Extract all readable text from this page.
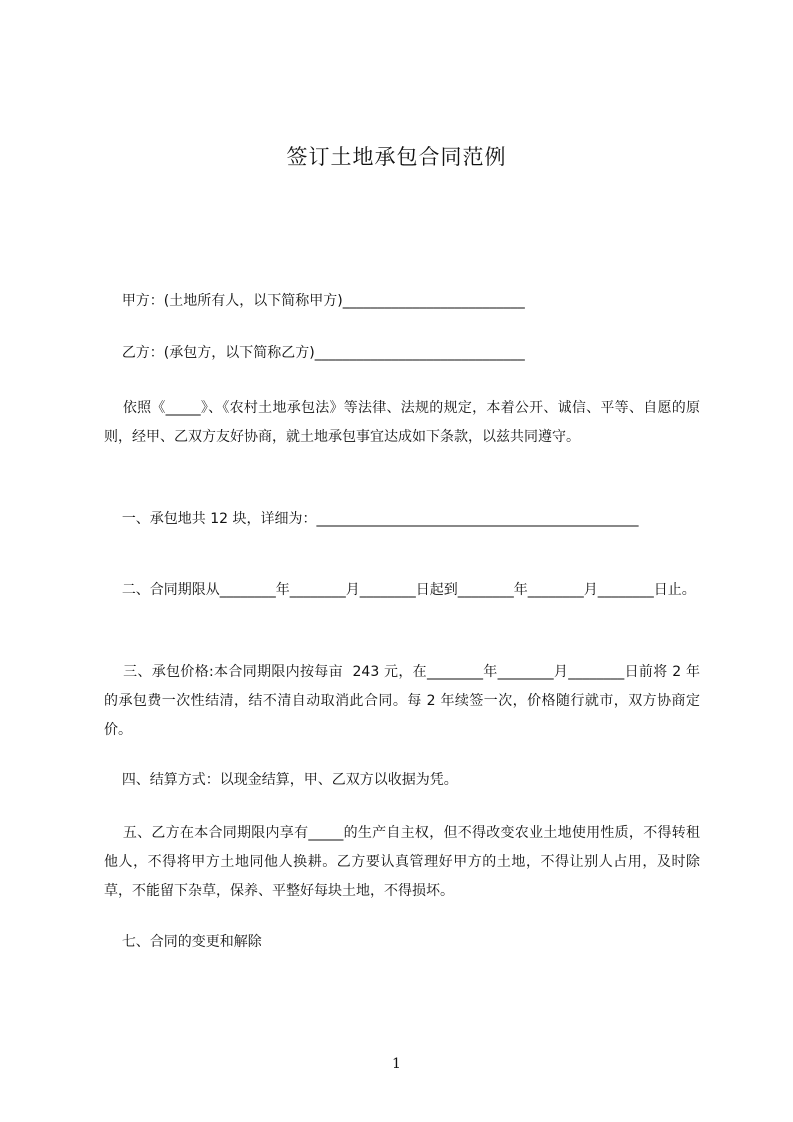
签订土地承包合同范例
甲方：(土地所有人，以下简称甲方)__________________________
乙方：(承包方，以下简称乙方)______________________________
依照《_____》、《农村土地承包法》等法律、法规的规定，本着公开、诚信、平等、自愿的原则，经甲、乙双方友好协商，就土地承包事宜达成如下条款，以兹共同遵守。
一、承包地共 12 块，详细为：______________________________________________
二、合同期限从________年________月________日起到________年________月________日止。
三、承包价格:本合同期限内按每亩  243 元，在________年________月________日前将 2 年的承包费一次性结清，结不清自动取消此合同。每 2 年续签一次，价格随行就市，双方协商定价。
四、结算方式：以现金结算，甲、乙双方以收据为凭。
五、乙方在本合同期限内享有_____的生产自主权，但不得改变农业土地使用性质，不得转租他人，不得将甲方土地同他人换耕。乙方要认真管理好甲方的土地，不得让别人占用，及时除草，不能留下杂草，保养、平整好每块土地，不得损坏。
七、合同的变更和解除
1
